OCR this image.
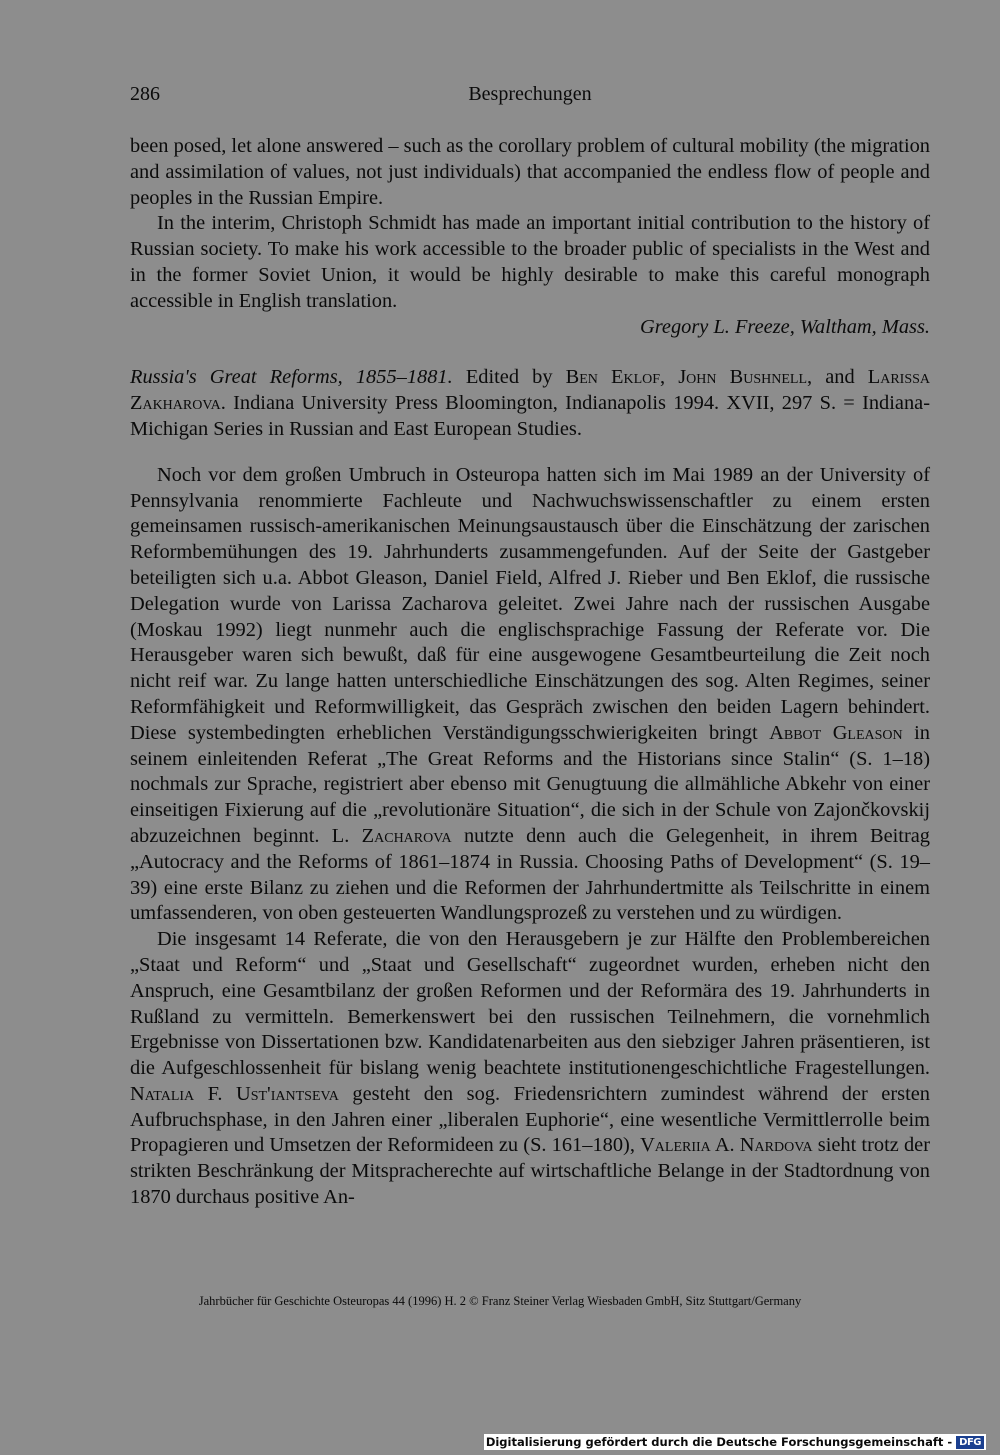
286	Besprechungen

been posed, let alone answered – such as the corollary problem of cultural mobility (the migration and assimilation of values, not just individuals) that accompanied the endless flow of people and peoples in the Russian Empire.

In the interim, Christoph Schmidt has made an important initial contribution to the history of Russian society. To make his work accessible to the broader public of specialists in the West and in the former Soviet Union, it would be highly desirable to make this careful monograph accessible in English translation.

Gregory L. Freeze, Waltham, Mass.

Russia's Great Reforms, 1855–1881. Edited by Ben Eklof, John Bushnell, and Larissa Zakharova. Indiana University Press Bloomington, Indianapolis 1994. XVII, 297 S. = Indiana-Michigan Series in Russian and East European Studies.

Noch vor dem großen Umbruch in Osteuropa hatten sich im Mai 1989 an der University of Pennsylvania renommierte Fachleute und Nachwuchswissenschaftler zu einem ersten gemeinsamen russisch-amerikanischen Meinungsaustausch über die Einschätzung der zarischen Reformbemühungen des 19. Jahrhunderts zusammengefunden. Auf der Seite der Gastgeber beteiligten sich u.a. Abbot Gleason, Daniel Field, Alfred J. Rieber und Ben Eklof, die russische Delegation wurde von Larissa Zacharova geleitet. Zwei Jahre nach der russischen Ausgabe (Moskau 1992) liegt nunmehr auch die englischsprachige Fassung der Referate vor. Die Herausgeber waren sich bewußt, daß für eine ausgewogene Gesamtbeurteilung die Zeit noch nicht reif war. Zu lange hatten unterschiedliche Einschätzungen des sog. Alten Regimes, seiner Reformfähigkeit und Reformwilligkeit, das Gespräch zwischen den beiden Lagern behindert. Diese systembedingten erheblichen Verständigungsschwierigkeiten bringt Abbot Gleason in seinem einleitenden Referat „The Great Reforms and the Historians since Stalin“ (S. 1–18) nochmals zur Sprache, registriert aber ebenso mit Genugtuung die allmähliche Abkehr von einer einseitigen Fixierung auf die „revolutionäre Situation“, die sich in der Schule von Zajončkovskij abzuzeichnen beginnt. L. Zacharova nutzte denn auch die Gelegenheit, in ihrem Beitrag „Autocracy and the Reforms of 1861–1874 in Russia. Choosing Paths of Development“ (S. 19–39) eine erste Bilanz zu ziehen und die Reformen der Jahrhundertmitte als Teilschritte in einem umfassenderen, von oben gesteuerten Wandlungsprozeß zu verstehen und zu würdigen.

Die insgesamt 14 Referate, die von den Herausgebern je zur Hälfte den Problembereichen „Staat und Reform“ und „Staat und Gesellschaft“ zugeordnet wurden, erheben nicht den Anspruch, eine Gesamtbilanz der großen Reformen und der Reformära des 19. Jahrhunderts in Rußland zu vermitteln. Bemerkenswert bei den russischen Teilnehmern, die vornehmlich Ergebnisse von Dissertationen bzw. Kandidatenarbeiten aus den siebziger Jahren präsentieren, ist die Aufgeschlossenheit für bislang wenig beachtete institutionengeschichtliche Fragestellungen. Natalia F. Ust'iantseva gesteht den sog. Friedensrichtern zumindest während der ersten Aufbruchsphase, in den Jahren einer „liberalen Euphorie“, eine wesentliche Vermittlerrolle beim Propagieren und Umsetzen der Reformideen zu (S. 161–180), Valeriia A. Nardova sieht trotz der strikten Beschränkung der Mitspracherechte auf wirtschaftliche Belange in der Stadtordnung von 1870 durchaus positive An-

Jahrbücher für Geschichte Osteuropas 44 (1996) H. 2 © Franz Steiner Verlag Wiesbaden GmbH, Sitz Stuttgart/Germany
Digitalisierung gefördert durch die Deutsche Forschungsgemeinschaft - DFG
